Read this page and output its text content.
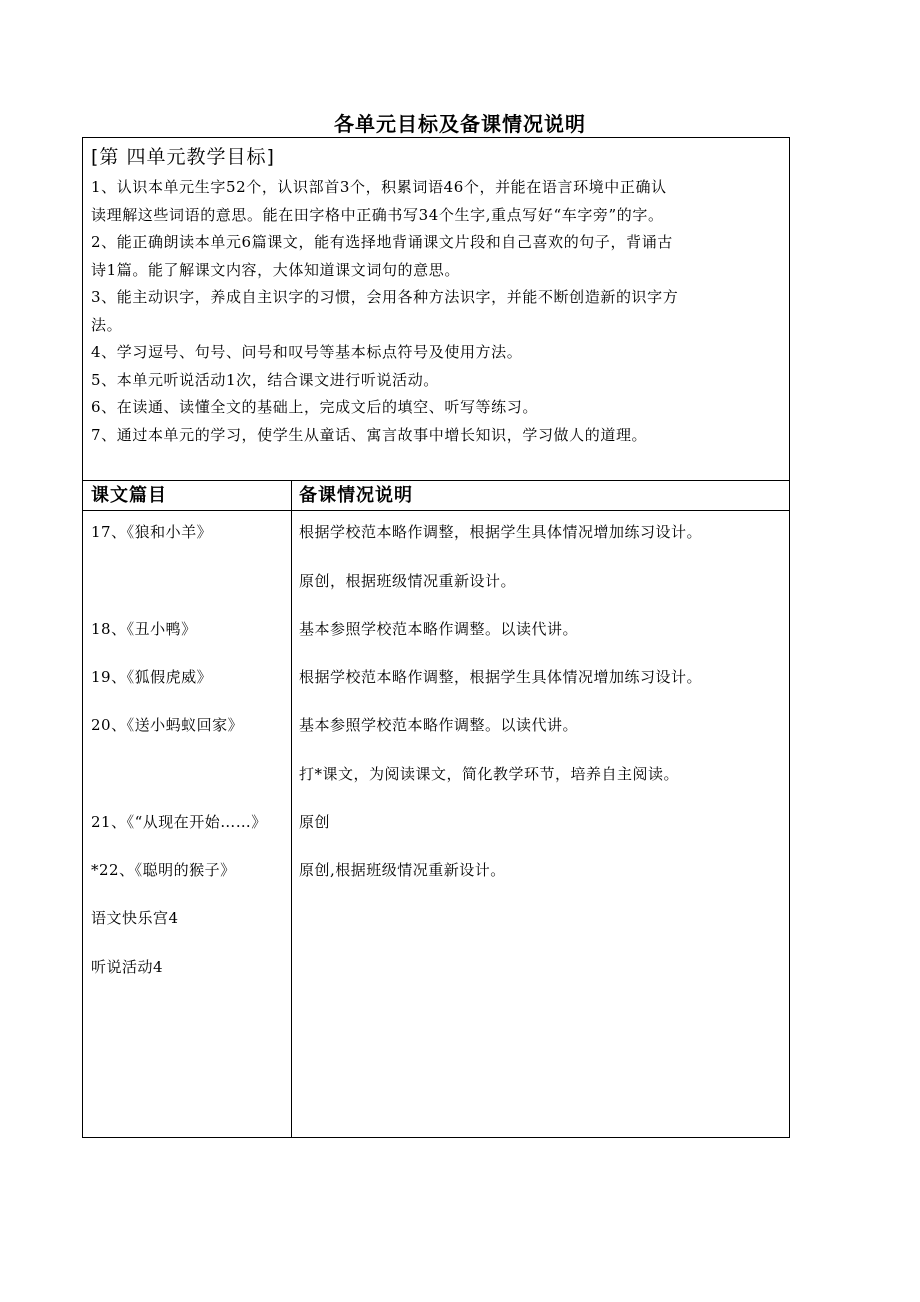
各单元目标及备课情况说明
[第 四单元教学目标]
1、认识本单元生字52个，认识部首3个，积累词语46个，并能在语言环境中正确认
读理解这些词语的意思。能在田字格中正确书写34个生字,重点写好“车字旁”的字。
2、能正确朗读本单元6篇课文，能有选择地背诵课文片段和自己喜欢的句子，背诵古
诗1篇。能了解课文内容，大体知道课文词句的意思。
3、能主动识字，养成自主识字的习惯，会用各种方法识字，并能不断创造新的识字方
法。
4、学习逗号、句号、问号和叹号等基本标点符号及使用方法。
5、本单元听说活动1次，结合课文进行听说活动。
6、在读通、读懂全文的基础上，完成文后的填空、听写等练习。
7、通过本单元的学习，使学生从童话、寓言故事中增长知识，学习做人的道理。
课文篇目	备课情况说明
17、《狼和小羊》
18、《丑小鸭》
19、《狐假虎威》
20、《送小蚂蚁回家》
21、《“从现在开始……》
*22、《聪明的猴子》
语文快乐宫4
听说活动4
根据学校范本略作调整，根据学生具体情况增加练习设计。
原创，根据班级情况重新设计。
基本参照学校范本略作调整。以读代讲。
根据学校范本略作调整，根据学生具体情况增加练习设计。
基本参照学校范本略作调整。以读代讲。
打*课文，为阅读课文，简化教学环节，培养自主阅读。
原创
原创,根据班级情况重新设计。
